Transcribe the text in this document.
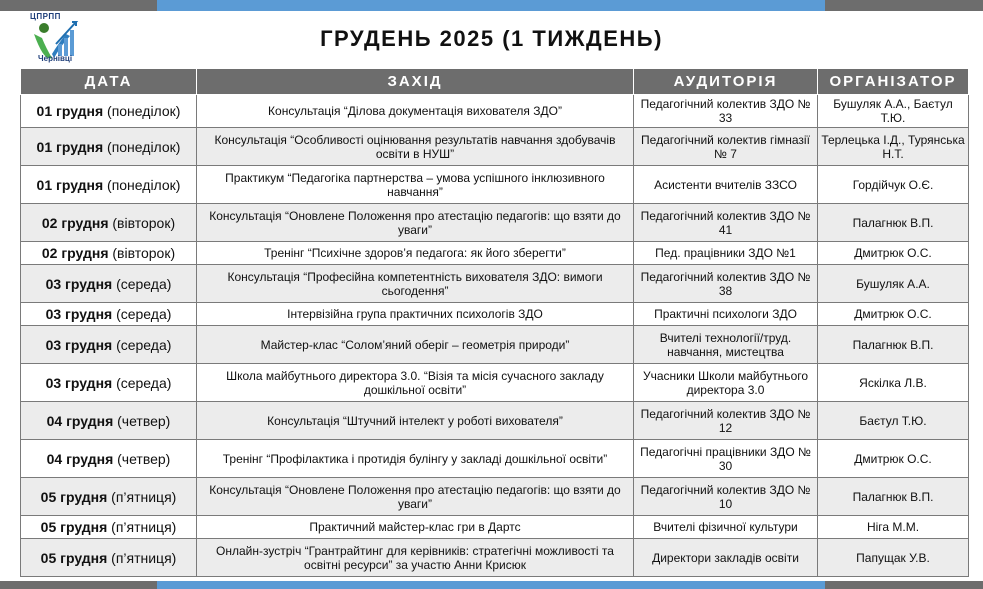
ЦПРПП
Чернівці
ГРУДЕНЬ 2025 (1 ТИЖДЕНЬ)
ДАТА	ЗАХІД	АУДИТОРІЯ	ОРГАНІЗАТОР
01 грудня (понеділок)	Консультація “Ділова документація вихователя ЗДО”	Педагогічний колектив ЗДО № 33	Бушуляк А.А., Баєтул Т.Ю.
01 грудня (понеділок)	Консультація “Особливості оцінювання результатів навчання здобувачів освіти в НУШ”	Педагогічний колектив гімназії № 7	Терлецька І.Д., Турянська Н.Т.
01 грудня (понеділок)	Практикум “Педагогіка партнерства – умова успішного інклюзивного навчання”	Асистенти вчителів ЗЗСО	Гордійчук О.Є.
02 грудня (вівторок)	Консультація “Оновлене Положення про атестацію педагогів: що взяти до уваги”	Педагогічний колектив ЗДО № 41	Палагнюк В.П.
02 грудня (вівторок)	Тренінг “Психічне здоров’я педагога: як його зберегти”	Пед. працівники ЗДО №1	Дмитрюк О.С.
03 грудня (середа)	Консультація “Професійна компетентність вихователя ЗДО: вимоги сьогодення”	Педагогічний колектив ЗДО № 38	Бушуляк А.А.
03 грудня (середа)	Інтервізійна група практичних психологів ЗДО	Практичні психологи ЗДО	Дмитрюк О.С.
03 грудня (середа)	Майстер-клас “Солом’яний оберіг – геометрія природи”	Вчителі технології/труд. навчання, мистецтва	Палагнюк В.П.
03 грудня (середа)	Школа майбутнього директора 3.0. “Візія та місія сучасного закладу дошкільної освіти”	Учасники Школи майбутнього директора 3.0	Яскілка Л.В.
04 грудня (четвер)	Консультація “Штучний інтелект у роботі вихователя”	Педагогічний колектив ЗДО № 12	Баєтул Т.Ю.
04 грудня (четвер)	Тренінг “Профілактика і протидія булінгу у закладі дошкільної освіти”	Педагогічні працівники ЗДО № 30	Дмитрюк О.С.
05 грудня (п’ятниця)	Консультація “Оновлене Положення про атестацію педагогів: що взяти до уваги”	Педагогічний колектив ЗДО № 10	Палагнюк В.П.
05 грудня (п’ятниця)	Практичний майстер-клас гри в Дартс	Вчителі фізичної культури	Ніга М.М.
05 грудня (п’ятниця)	Онлайн-зустріч “Грантрайтинг для керівників: стратегічні можливості та освітні ресурси” за участю Анни Крисюк	Директори закладів освіти	Папущак У.В.
